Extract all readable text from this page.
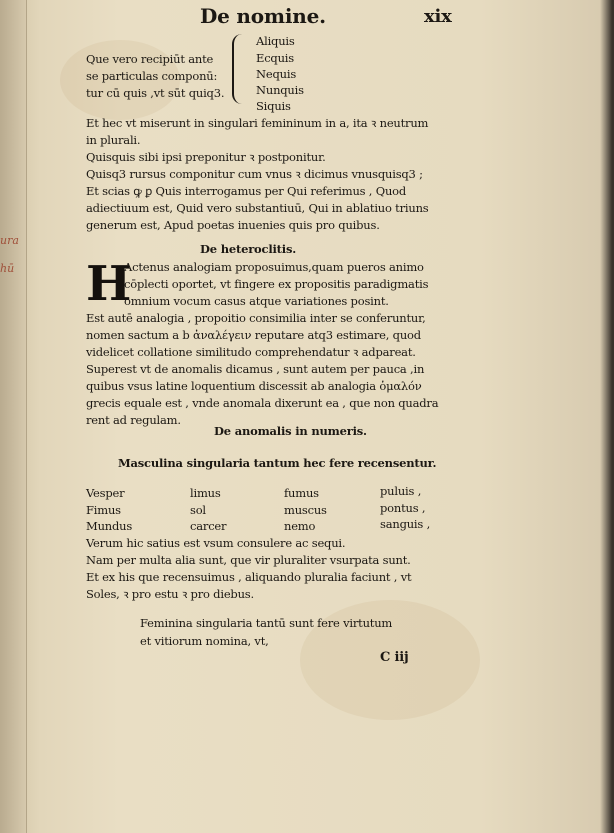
ura
hū
De nomine.	xix
Que vero recipiūt ante
se particulas componū:
tur cū quis ,vt sūt quiq3.
Aliquis
Ecquis
Nequis
Nunquis
Siquis
Et hec vt miserunt in singulari femininum in a, ita ꝛ neutrum
in plurali.
Quisquis sibi ipsi preponitur ꝛ postponitur.
Quisq3 rursus componitur cum vnus ꝛ dicimus vnusquisq3 ;
Et scias ꝙ ꝑ Quis interrogamus per Qui referimus , Quod
adiectiuum est, Quid vero substantiuū, Qui in ablatiuo triuns
generum est, Apud poetas inuenies quis pro quibus.
De heteroclitis.
H
Actenus analogiam proposuimus,quam pueros animo
cōplecti oportet, vt fingere ex propositis paradigmatis
omnium vocum casus atque variationes posint.
Est autē analogia , propoitio consimilia inter se conferuntur,
nomen sactum a b ἀναλέγειν reputare atq3 estimare, quod
videlicet collatione similitudo comprehendatur ꝛ adpareat.
Superest vt de anomalis dicamus , sunt autem per pauca ,in
quibus vsus latine loquentium discessit ab analogia ὁμαλόν
grecis equale est , vnde anomala dixerunt ea , que non quadra
rent ad regulam.
De anomalis in numeris.
Masculina singularia tantum hec fere recensentur.
Vesper	limus	fumus	puluis ,
Fimus	sol	muscus	pontus ,
Mundus	carcer	nemo	sanguis ,
Verum hic satius est vsum consulere ac sequi.
Nam per multa alia sunt, que vir pluraliter vsurpata sunt.
Et ex his que recensuimus , aliquando pluralia faciunt , vt
Soles, ꝛ pro estu ꝛ pro diebus.
Feminina singularia tantū sunt fere virtutum
et vitiorum nomina, vt,
C iij
